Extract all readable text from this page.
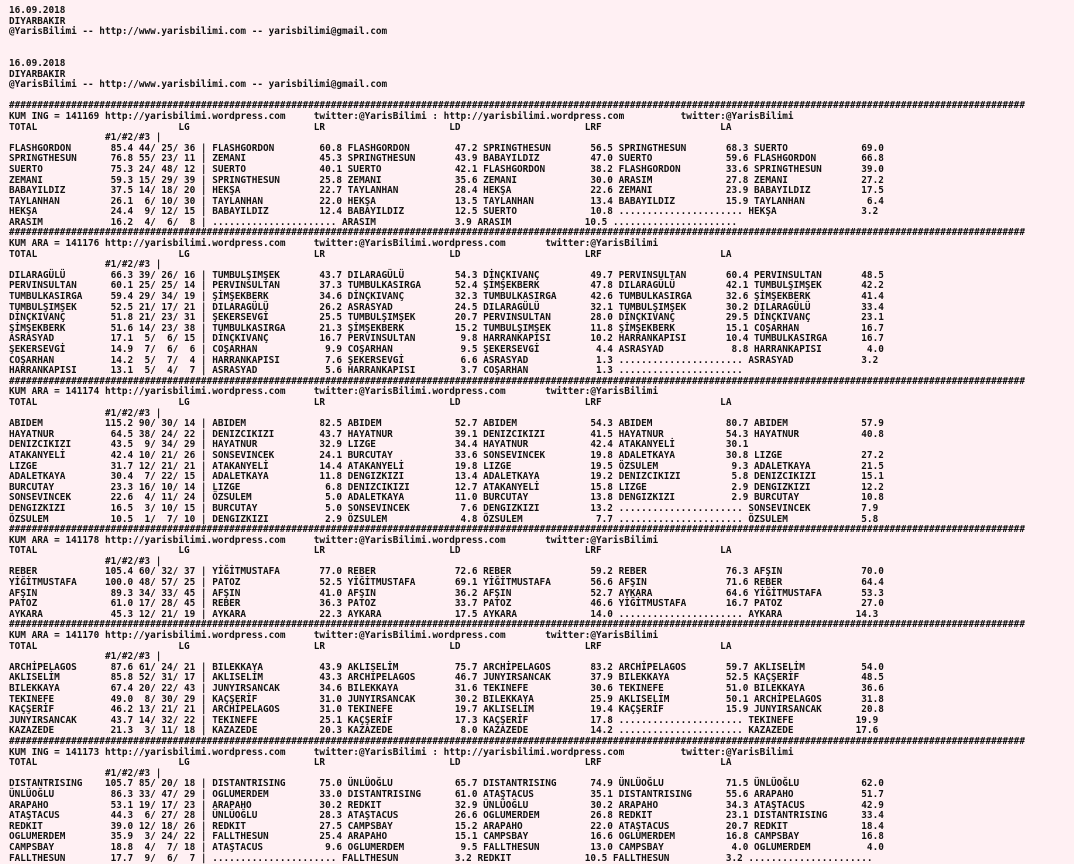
16.09.2018
DIYARBAKIR
@YarisBilimi -- http://www.yarisbilimi.com -- yarisbilimi@gmail.com
16.09.2018
DIYARBAKIR
@YarisBilimi -- http://www.yarisbilimi.com -- yarisbilimi@gmail.com
####################################################################################################################################################################################
KUM ING = 141169 http://yarisbilimi.wordpress.com     twitter:@YarisBilimi : http://yarisbilimi.wordpress.com          twitter:@YarisBilimi
TOTAL                         LG                      LR                      LD                      LRF                     LA
#1/#2/#3 |
FLASHGORDON       85.4 44/ 25/ 36 | FLASHGORDON        60.8 FLASHGORDON        47.2 SPRINGTHESUN       56.5 SPRINGTHESUN       68.3 SUERTO             69.0
SPRINGTHESUN      76.8 55/ 23/ 11 | ZEMANI             45.3 SPRINGTHESUN       43.9 BABAYILDIZ         47.0 SUERTO             59.6 FLASHGORDON        66.8
SUERTO            75.3 24/ 48/ 12 | SUERTO             40.1 SUERTO             42.1 FLASHGORDON        38.2 FLASHGORDON        33.6 SPRINGTHESUN       39.0
ZEMANI            59.3 15/ 29/ 39 | SPRINGTHESUN       25.8 ZEMANI             35.6 ZEMANI             30.0 ARASIM             27.8 ZEMANI             27.2
BABAYILDIZ        37.5 14/ 18/ 20 | HEKŞA              22.7 TAYLANHAN          28.4 HEKŞA              22.6 ZEMANI             23.9 BABAYILDIZ         17.5
TAYLANHAN         26.1  6/ 10/ 30 | TAYLANHAN          22.0 HEKŞA              13.5 TAYLANHAN          13.4 BABAYILDIZ         15.9 TAYLANHAN           6.4
HEKŞA             24.4  9/ 12/ 15 | BABAYILDIZ         12.4 BABAYILDIZ         12.5 SUERTO             10.8 ...................... HEKŞA               3.2
ARASIM            16.2  4/  6/  8 | ...................... ARASIM              3.9 ARASIM             10.5 ......................
####################################################################################################################################################################################
KUM ARA = 141176 http://yarisbilimi.wordpress.com     twitter:@YarisBilimi.wordpress.com       twitter:@YarisBilimi
TOTAL                         LG                      LR                      LD                      LRF                     LA
#1/#2/#3 |
DILARAGÜLÜ        66.3 39/ 26/ 16 | TUMBULŞIMŞEK       43.7 DILARAGÜLÜ         54.3 DİNÇKIVANÇ         49.7 PERVINSULTAN       60.4 PERVINSULTAN       48.5
PERVINSULTAN      60.1 25/ 25/ 14 | PERVINSULTAN       37.3 TUMBULKASIRGA      52.4 ŞİMŞEKBERK         47.8 DILARAGÜLÜ         42.1 TUMBULŞIMŞEK       42.2
TUMBULKASIRGA     59.4 29/ 34/ 19 | ŞİMŞEKBERK         34.6 DİNÇKIVANÇ         32.3 TUMBULKASIRGA      42.6 TUMBULKASIRGA      32.6 ŞİMŞEKBERK         41.4
TUMBULŞIMŞEK      52.5 21/ 17/ 21 | DILARAGÜLÜ         26.2 ASRASYAD           24.5 DILARAGÜLÜ         32.1 TUMBULŞIMŞEK       30.2 DILARAGÜLÜ         33.4
DİNÇKIVANÇ        51.8 21/ 23/ 31 | ŞEKERSEVGİ         25.5 TUMBULŞIMŞEK       20.7 PERVINSULTAN       28.0 DİNÇKIVANÇ         29.5 DİNÇKIVANÇ         23.1
ŞİMŞEKBERK        51.6 14/ 23/ 38 | TUMBULKASIRGA      21.3 ŞİMŞEKBERK         15.2 TUMBULŞIMŞEK       11.8 ŞİMŞEKBERK         15.1 COŞARHAN           16.7
ASRASYAD          17.1  5/  6/ 15 | DİNÇKIVANÇ         16.7 PERVINSULTAN        9.8 HARRANKAPISI       10.2 HARRANKAPISI       10.4 TUMBULKASIRGA      16.7
ŞEKERSEVGİ        14.9  7/  6/  6 | COŞARHAN            9.9 COŞARHAN            9.5 ŞEKERSEVGİ          4.4 ASRASYAD            8.8 HARRANKAPISI        4.0
COŞARHAN          14.2  5/  7/  4 | HARRANKAPISI        7.6 ŞEKERSEVGİ          6.6 ASRASYAD            1.3 ...................... ASRASYAD            3.2
HARRANKAPISI      13.1  5/  4/  7 | ASRASYAD            5.6 HARRANKAPISI        3.7 COŞARHAN            1.3 ......................
####################################################################################################################################################################################
KUM ARA = 141174 http://yarisbilimi.wordpress.com     twitter:@YarisBilimi.wordpress.com       twitter:@YarisBilimi
TOTAL                         LG                      LR                      LD                      LRF                     LA
#1/#2/#3 |
ABIDEM           115.2 90/ 30/ 14 | ABIDEM             82.5 ABIDEM             52.7 ABIDEM             54.3 ABIDEM             80.7 ABIDEM             57.9
HAYATNUR          64.5 38/ 24/ 22 | DENIZCIKIZI        43.7 HAYATNUR           39.1 DENIZCIKIZI        41.5 HAYATNUR           54.3 HAYATNUR           40.8
DENIZCIKIZI       43.5  9/ 34/ 29 | HAYATNUR           32.9 LIZGE              34.4 HAYATNUR           42.4 ATAKANYELİ         30.1
ATAKANYELİ        42.4 10/ 21/ 26 | SONSEVINCEK        24.1 BURCUTAY           33.6 SONSEVINCEK        19.8 ADALETKAYA         30.8 LIZGE              27.2
LIZGE             31.7 12/ 21/ 21 | ATAKANYELİ         14.4 ATAKANYELİ         19.8 LIZGE              19.5 ÖZSULEM             9.3 ADALETKAYA         21.5
ADALETKAYA        30.4  7/ 22/ 15 | ADALETKAYA         11.8 DENGIZKIZI         13.4 ADALETKAYA         19.2 DENIZCIKIZI         5.8 DENIZCIKIZI        15.1
BURCUTAY          23.3 16/ 10/ 14 | LIZGE               6.8 DENIZCIKIZI        12.7 ATAKANYELİ         15.8 LIZGE               2.9 DENGIZKIZI         12.2
SONSEVINCEK       22.6  4/ 11/ 24 | ÖZSULEM             5.0 ADALETKAYA         11.0 BURCUTAY           13.8 DENGIZKIZI          2.9 BURCUTAY           10.8
DENGIZKIZI        16.5  3/ 10/ 15 | BURCUTAY            5.0 SONSEVINCEK         7.6 DENGIZKIZI         13.2 ...................... SONSEVINCEK         7.9
ÖZSULEM           10.5  1/  7/ 10 | DENGIZKIZI          2.9 ÖZSULEM             4.8 ÖZSULEM             7.7 ...................... ÖZSULEM             5.8
####################################################################################################################################################################################
KUM ARA = 141178 http://yarisbilimi.wordpress.com     twitter:@YarisBilimi.wordpress.com       twitter:@YarisBilimi
TOTAL                         LG                      LR                      LD                      LRF                     LA
#1/#2/#3 |
REBER            105.4 60/ 32/ 37 | YİĞİTMUSTAFA       77.0 REBER              72.6 REBER              59.2 REBER              76.3 AFŞIN              70.0
YİĞİTMUSTAFA     100.0 48/ 57/ 25 | PATOZ              52.5 YİĞİTMUSTAFA       69.1 YİĞİTMUSTAFA       56.6 AFŞIN              71.6 REBER              64.4
AFŞIN             89.3 34/ 33/ 45 | AFŞIN              41.0 AFŞIN              36.2 AFŞIN              52.7 AYKARA             64.6 YİĞİTMUSTAFA       53.3
PATOZ             61.0 17/ 28/ 45 | REBER              36.3 PATOZ              33.7 PATOZ              46.6 YİĞİTMUSTAFA       16.7 PATOZ              27.0
AYKARA            45.3 12/ 21/ 19 | AYKARA             22.3 AYKARA             17.5 AYKARA             14.0 ...................... AYKARA             14.3
####################################################################################################################################################################################
KUM ARA = 141170 http://yarisbilimi.wordpress.com     twitter:@YarisBilimi.wordpress.com       twitter:@YarisBilimi
TOTAL                         LG                      LR                      LD                      LRF                     LA
#1/#2/#3 |
ARCHİPELAGOS      87.6 61/ 24/ 21 | BILEKKAYA          43.9 AKLISELİM          75.7 ARCHİPELAGOS       83.2 ARCHİPELAGOS       59.7 AKLISELİM          54.0
AKLISELİM         85.8 52/ 31/ 17 | AKLISELİM          43.3 ARCHİPELAGOS       46.7 JUNYIRSANCAK       37.9 BILEKKAYA          52.5 KAÇŞERİF           48.5
BILEKKAYA         67.4 20/ 22/ 43 | JUNYIRSANCAK       34.6 BILEKKAYA          31.6 TEKINEFE           30.6 TEKINEFE           51.0 BILEKKAYA          36.6
TEKINEFE          49.0  8/ 30/ 29 | KAÇŞERİF           31.0 JUNYIRSANCAK       30.2 BILEKKAYA          25.9 AKLISELİM          50.1 ARCHİPELAGOS       31.8
KAÇŞERİF          46.2 13/ 21/ 21 | ARCHİPELAGOS       31.0 TEKINEFE           19.7 AKLISELİM          19.4 KAÇŞERİF           15.9 JUNYIRSANCAK       20.8
JUNYIRSANCAK      43.7 14/ 32/ 22 | TEKINEFE           25.1 KAÇŞERİF           17.3 KAÇŞERİF           17.8 ...................... TEKINEFE           19.9
KAZAZEDE          21.3  3/ 11/ 18 | KAZAZEDE           20.3 KAZAZEDE            8.0 KAZAZEDE           14.2 ...................... KAZAZEDE           17.6
####################################################################################################################################################################################
KUM ING = 141173 http://yarisbilimi.wordpress.com     twitter:@YarisBilimi : http://yarisbilimi.wordpress.com          twitter:@YarisBilimi
TOTAL                         LG                      LR                      LD                      LRF                     LA
#1/#2/#3 |
DISTANTRISING    105.7 85/ 20/ 18 | DISTANTRISING      75.0 ÜNLÜOĞLU           65.7 DISTANTRISING      74.9 ÜNLÜOĞLU           71.5 ÜNLÜOĞLU           62.0
ÜNLÜOĞLU          86.3 33/ 47/ 29 | OGLUMERDEM         33.0 DISTANTRISING      61.0 ATAŞTACUS          35.1 DISTANTRISING      55.6 ARAPAHO            51.7
ARAPAHO           53.1 19/ 17/ 23 | ARAPAHO            30.2 REDKIT             32.9 ÜNLÜOĞLU           30.2 ARAPAHO            34.3 ATAŞTACUS          42.9
ATAŞTACUS         44.3  6/ 27/ 28 | ÜNLÜOĞLU           28.3 ATAŞTACUS          26.6 OGLUMERDEM         26.8 REDKIT             23.1 DISTANTRISING      33.4
REDKIT            39.0 12/ 18/ 26 | REDKIT             27.5 CAMPSBAY           15.2 ARAPAHO            22.0 ATAŞTACUS          20.7 REDKIT             18.4
OGLUMERDEM        35.9  3/ 24/ 22 | FALLTHESUN         25.4 ARAPAHO            15.1 CAMPSBAY           16.6 OGLUMERDEM         16.8 CAMPSBAY           16.8
CAMPSBAY          18.8  4/  7/ 18 | ATAŞTACUS           9.6 OGLUMERDEM          9.5 FALLTHESUN         13.0 CAMPSBAY            4.0 OGLUMERDEM          4.0
FALLTHESUN        17.7  9/  6/  7 | ...................... FALLTHESUN          3.2 REDKIT             10.5 FALLTHESUN          3.2 ......................
